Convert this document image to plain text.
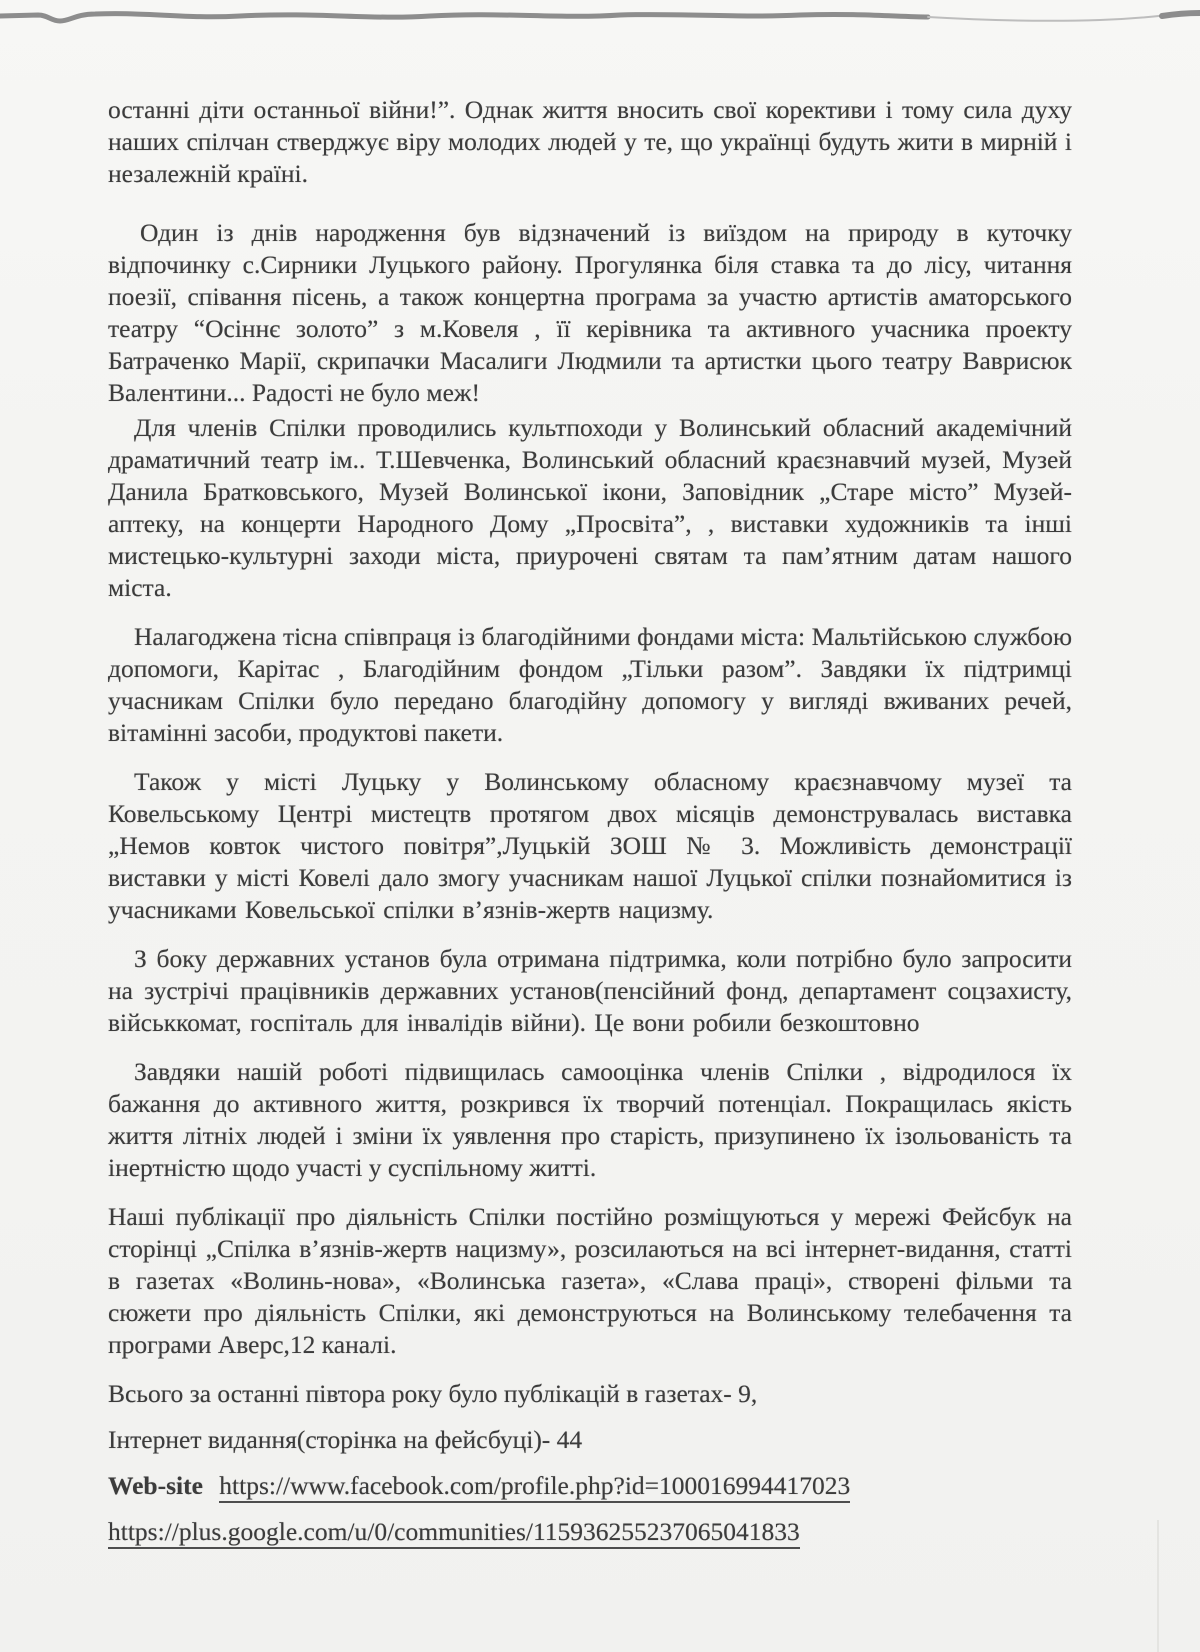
останні діти останньої війни!”. Однак життя вносить свої корективи і тому сила духу наших спілчан стверджує віру молодих людей у те, що українці будуть жити в мирній і незалежній країні.

Один із днів народження був відзначений із виїздом на природу в куточку відпочинку с.Сирники Луцького району. Прогулянка біля ставка та до лісу, читання поезії, співання пісень, а також концертна програма за участю артистів аматорського театру “Осіннє золото” з м.Ковеля , її керівника та активного учасника проекту Батраченко Марії, скрипачки Масалиги Людмили та артистки цього театру Ваврисюк Валентини... Радості не було меж!

Для членів Спілки проводились культпоходи у Волинський обласний академічний драматичний театр ім.. Т.Шевченка, Волинський обласний краєзнавчий музей, Музей Данила Братковського, Музей Волинської ікони, Заповідник „Старе місто” Музей-аптеку, на концерти Народного Дому „Просвіта”, , виставки художників та інші мистецько-культурні заходи міста, приурочені святам та пам’ятним датам нашого міста.

Налагоджена тісна співпраця із благодійними фондами міста: Мальтійською службою допомоги, Карітас , Благодійним фондом „Тільки разом”. Завдяки їх підтримці учасникам Спілки було передано благодійну допомогу у вигляді вживаних речей, вітамінні засоби, продуктові пакети.

Також у місті Луцьку у Волинському обласному краєзнавчому музеї та Ковельському Центрі мистецтв протягом двох місяців демонструвалась виставка „Немов ковток чистого повітря”,Луцькій ЗОШ № 3. Можливість демонстрації виставки у місті Ковелі дало змогу учасникам нашої Луцької спілки познайомитися із учасниками Ковельської спілки в’язнів-жертв нацизму.

З боку державних установ була отримана підтримка, коли потрібно було запросити на зустрічі працівників державних установ(пенсійний фонд, департамент соцзахисту, військкомат, госпіталь для інвалідів війни). Це вони робили безкоштовно

Завдяки нашій роботі підвищилась самооцінка членів Спілки , відродилося їх бажання до активного життя, розкрився їх творчий потенціал. Покращилась якість життя літніх людей і зміни їх уявлення про старість, призупинено їх ізольованість та інертністю щодо участі у суспільному житті.

Наші публікації про діяльність Спілки постійно розміщуються у мережі Фейсбук на сторінці „Спілка в’язнів-жертв нацизму», розсилаються на всі інтернет-видання, статті в газетах «Волинь-нова», «Волинська газета», «Слава праці», створені фільми та сюжети про діяльність Спілки, які демонструються на Волинському телебачення та програми Аверс,12 каналі.

Всього за останні півтора року було публікацій в газетах- 9,

Інтернет видання(сторінка на фейсбуці)- 44

Web-site https://www.facebook.com/profile.php?id=100016994417023

https://plus.google.com/u/0/communities/115936255237065041833
